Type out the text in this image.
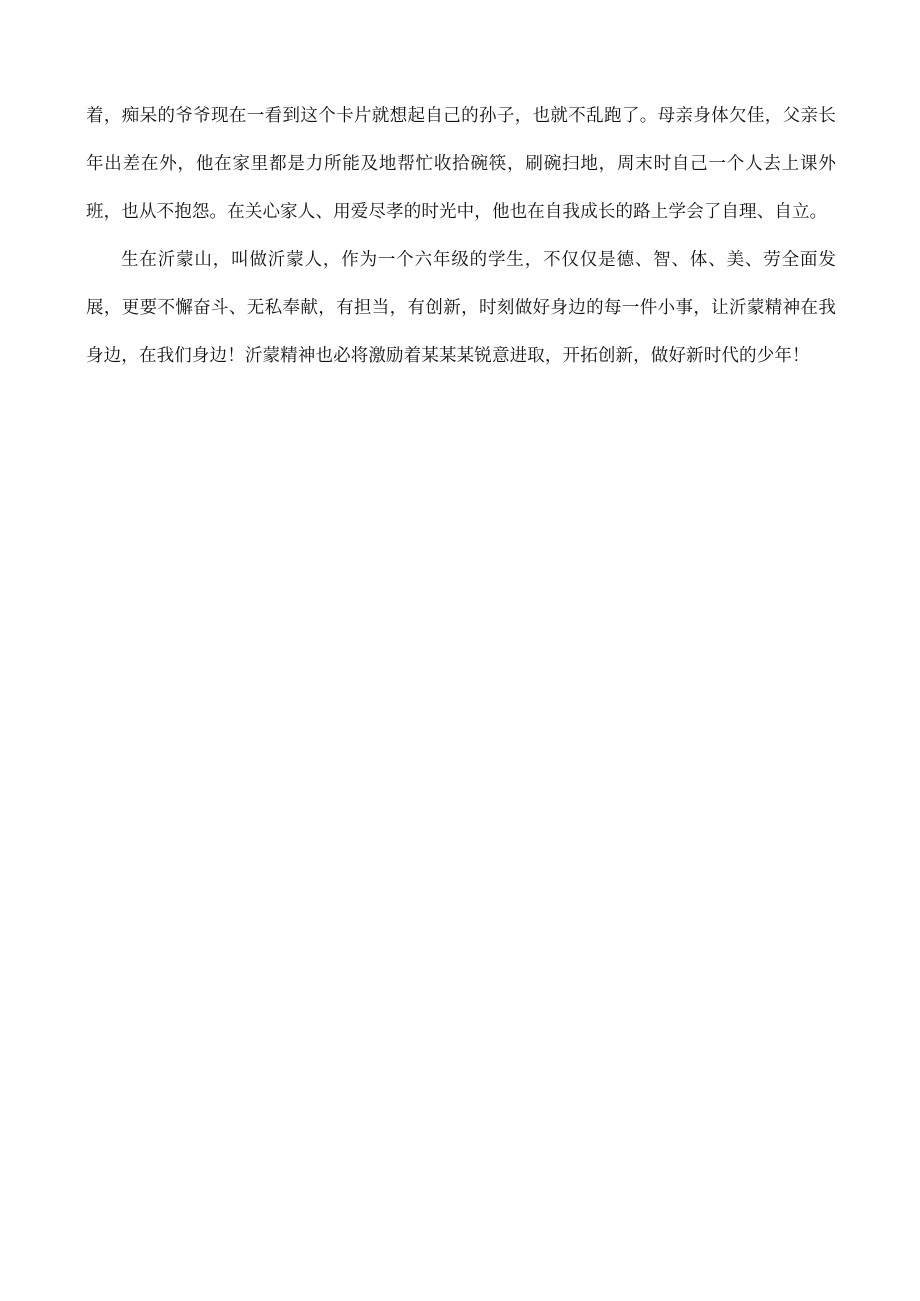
着，痴呆的爷爷现在一看到这个卡片就想起自己的孙子，也就不乱跑了。母亲身体欠佳，父亲长年出差在外，他在家里都是力所能及地帮忙收拾碗筷，刷碗扫地，周末时自己一个人去上课外班，也从不抱怨。在关心家人、用爱尽孝的时光中，他也在自我成长的路上学会了自理、自立。

生在沂蒙山，叫做沂蒙人，作为一个六年级的学生，不仅仅是德、智、体、美、劳全面发展，更要不懈奋斗、无私奉献，有担当，有创新，时刻做好身边的每一件小事，让沂蒙精神在我身边，在我们身边！沂蒙精神也必将激励着某某某锐意进取，开拓创新，做好新时代的少年！
